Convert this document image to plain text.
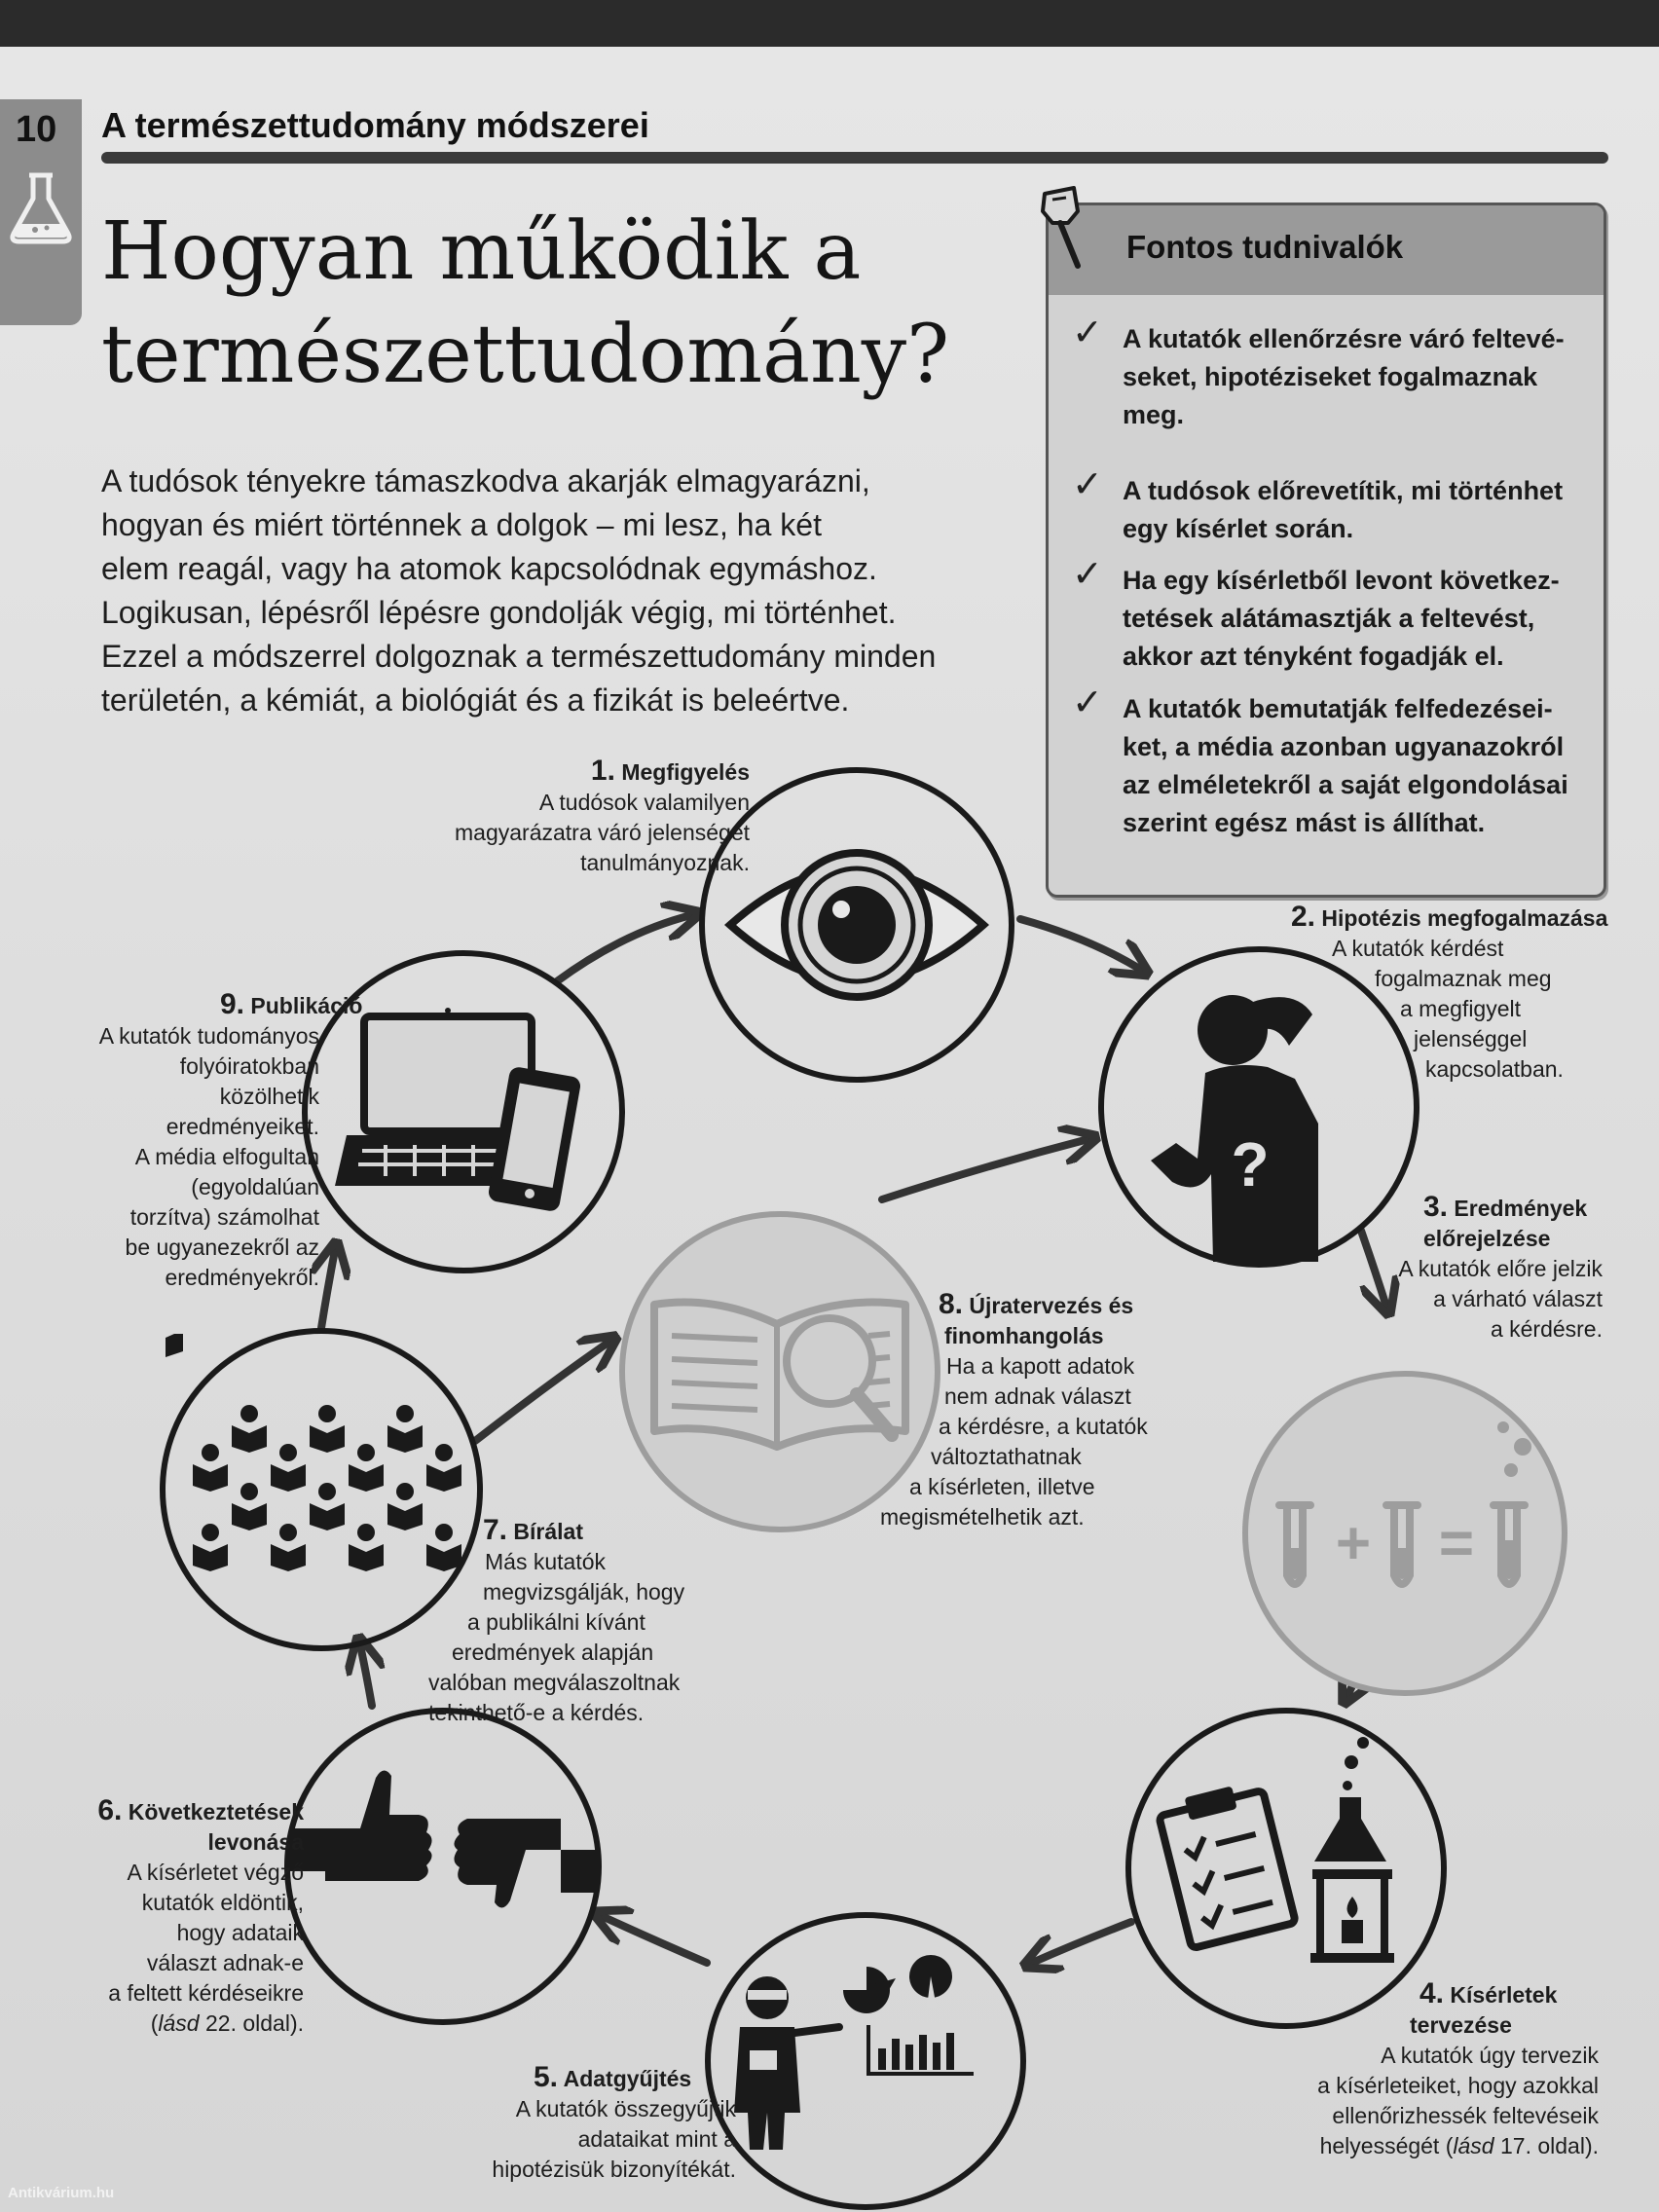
10 A természettudomány módszerei
Hogyan működik a
természettudomány?
A tudósok tényekre támaszkodva akarják elmagyarázni,
hogyan és miért történnek a dolgok – mi lesz, ha két
elem reagál, vagy ha atomok kapcsolódnak egymáshoz.
Logikusan, lépésről lépésre gondolják végig, mi történhet.
Ezzel a módszerrel dolgoznak a természettudomány minden
területén, a kémiát, a biológiát és a fizikát is beleértve.
Fontos tudnivalók
✓ A kutatók ellenőrzésre váró feltevé-
seket, hipotéziseket fogalmaznak
meg.
✓ A tudósok előrevetítik, mi történhet
egy kísérlet során.
✓ Ha egy kísérletből levont következ-
tetések alátámasztják a feltevést,
akkor azt tényként fogadják el.
✓ A kutatók bemutatják felfedezései-
ket, a média azonban ugyanazokról
az elméletekről a saját elgondolásai
szerint egész mást is állíthat.
?
+ =
1. Megfigyelés
A tudósok valamilyen
magyarázatra váró jelenséget
tanulmányoznak.
2. Hipotézis megfogalmazása
A kutatók kérdést
fogalmaznak meg
a megfigyelt
jelenséggel
kapcsolatban.
3. Eredmények
előrejelzése
A kutatók előre jelzik
a várható választ
a kérdésre.
4. Kísérletek
tervezése
A kutatók úgy tervezik
a kísérleteiket, hogy azokkal
ellenőrizhessék feltevéseik
helyességét (lásd 17. oldal).
5. Adatgyűjtés
A kutatók összegyűjtik
adataikat mint a
hipotézisük bizonyítékát.
6. Következtetések
levonása
A kísérletet végző
kutatók eldöntik,
hogy adataik
választ adnak-e
a feltett kérdéseikre
(lásd 22. oldal).
7. Bírálat
Más kutatók
megvizsgálják, hogy
a publikálni kívánt
eredmények alapján
valóban megválaszoltnak
tekinthető-e a kérdés.
8. Újratervezés és
finomhangolás
Ha a kapott adatok
nem adnak választ
a kérdésre, a kutatók
változtathatnak
a kísérleten, illetve
megismételhetik azt.
9. Publikáció
A kutatók tudományos
folyóiratokban
közölhetik
eredményeiket.
A média elfogultan
(egyoldalúan
torzítva) számolhat
be ugyanezekről az
eredményekről.
Antikvárium.hu
